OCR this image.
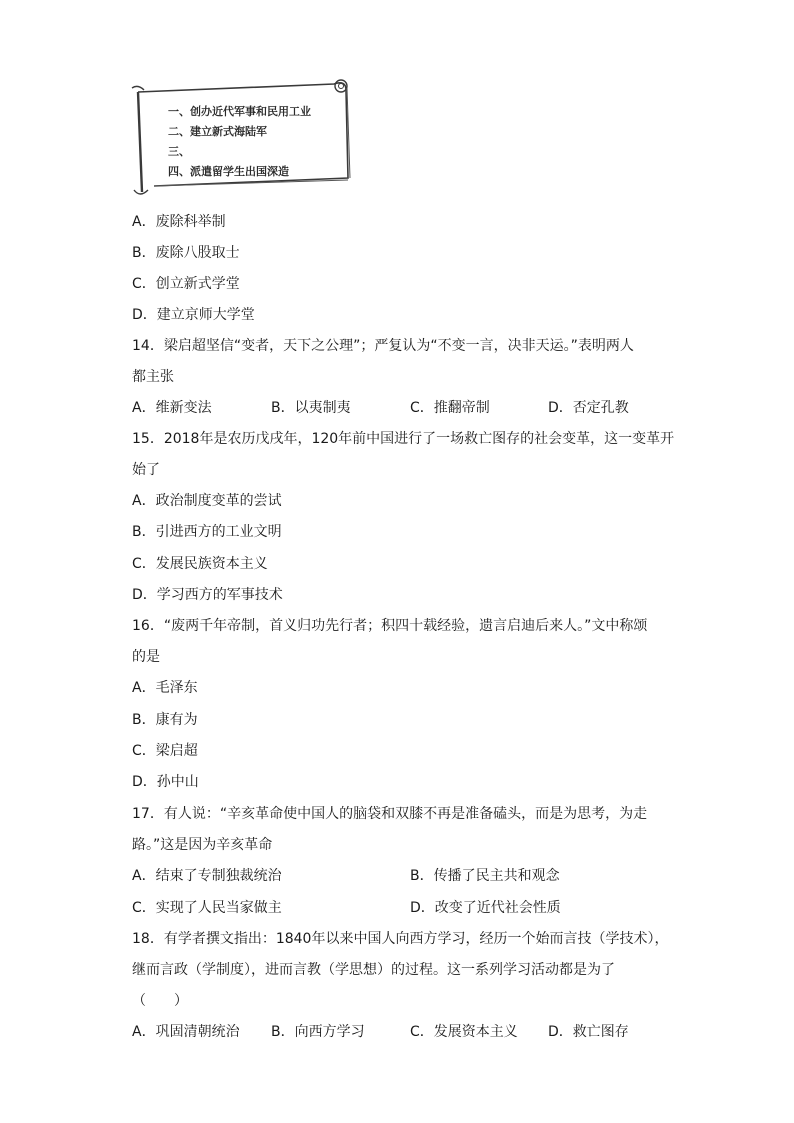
一、创办近代军事和民用工业
二、建立新式海陆军
三、
四、派遣留学生出国深造
A．废除科举制
B．废除八股取士
C．创立新式学堂
D．建立京师大学堂
14．梁启超坚信“变者，天下之公理”；严复认为“不变一言，决非天运。”表明两人
都主张
A．维新变法	B．以夷制夷	C．推翻帝制	D．否定孔教
15．2018年是农历戊戌年，120年前中国进行了一场救亡图存的社会变革，这一变革开
始了
A．政治制度变革的尝试
B．引进西方的工业文明
C．发展民族资本主义
D．学习西方的军事技术
16．“废两千年帝制，首义归功先行者；积四十载经验，遗言启迪后来人。”文中称颂
的是
A．毛泽东
B．康有为
C．梁启超
D．孙中山
17．有人说：“辛亥革命使中国人的脑袋和双膝不再是准备磕头，而是为思考，为走
路。”这是因为辛亥革命
A．结束了专制独裁统治	B．传播了民主共和观念
C．实现了人民当家做主	D．改变了近代社会性质
18．有学者撰文指出：1840年以来中国人向西方学习，经历一个始而言技（学技术），
继而言政（学制度），进而言教（学思想）的过程。这一系列学习活动都是为了
（　　）
A．巩固清朝统治 B．向西方学习	C．发展资本主义 D．救亡图存
